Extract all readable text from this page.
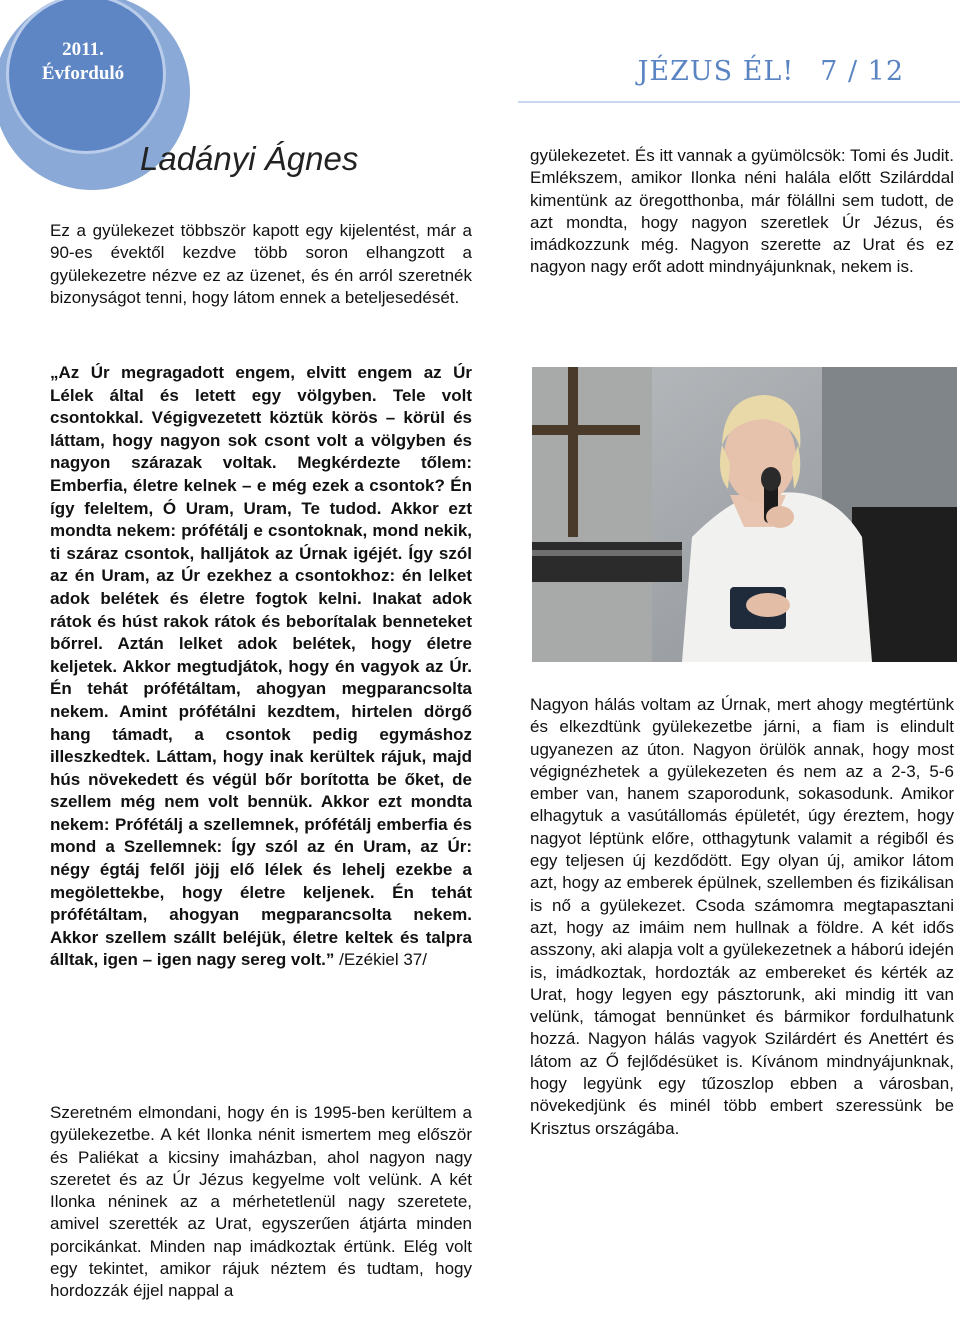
2011.
Évforduló	JÉZUS ÉL! 7 / 12
Ladányi Ágnes

Ez a gyülekezet többször kapott egy kijelentést, már a 90-es évektől kezdve több soron elhangzott a gyülekezetre nézve ez az üzenet, és én arról szeretnék bizonyságot tenni, hogy látom ennek a beteljesedését.

„Az Úr megragadott engem, elvitt engem az Úr Lélek által és letett egy völgyben. Tele volt csontokkal. Végigvezetett köztük körös – körül és láttam, hogy nagyon sok csont volt a völgyben és nagyon szárazak voltak. Megkérdezte tőlem: Emberfia, életre kelnek – e még ezek a csontok? Én így feleltem, Ó Uram, Uram, Te tudod. Akkor ezt mondta nekem: prófétálj e csontoknak, mond nekik, ti száraz csontok, halljátok az Úrnak igéjét. Így szól az én Uram, az Úr ezekhez a csontokhoz: én lelket adok belétek és életre fogtok kelni. Inakat adok rátok és húst rakok rátok és beborítalak benneteket bőrrel. Aztán lelket adok belétek, hogy életre keljetek. Akkor megtudjátok, hogy én vagyok az Úr. Én tehát prófétáltam, ahogyan megparancsolta nekem. Amint prófétálni kezdtem, hirtelen dörgő hang támadt, a csontok pedig egymáshoz illeszkedtek. Láttam, hogy inak kerültek rájuk, majd hús növekedett és végül bőr borította be őket, de szellem még nem volt bennük. Akkor ezt mondta nekem: Prófétálj a szellemnek, prófétálj emberfia és mond a Szellemnek: Így szól az én Uram, az Úr: négy égtáj felől jöjj elő lélek és lehelj ezekbe a megölettekbe, hogy életre keljenek. Én tehát prófétáltam, ahogyan megparancsolta nekem. Akkor szellem szállt beléjük, életre keltek és talpra álltak, igen – igen nagy sereg volt.” /Ezékiel 37/

Szeretném elmondani, hogy én is 1995-ben kerültem a gyülekezetbe. A két Ilonka nénit ismertem meg először és Paliékat a kicsiny imaházban, ahol nagyon nagy szeretet és az Úr Jézus kegyelme volt velünk. A két Ilonka néninek az a mérhetetlenül nagy szeretete, amivel szerették az Urat, egyszerűen átjárta minden porcikánkat. Minden nap imádkoztak értünk. Elég volt egy tekintet, amikor rájuk néztem és tudtam, hogy hordozzák éjjel nappal a

gyülekezetet. És itt vannak a gyümölcsök: Tomi és Judit. Emlékszem, amikor Ilonka néni halála előtt Szilárddal kimentünk az öregotthonba, már fölállni sem tudott, de azt mondta, hogy nagyon szeretlek Úr Jézus, és imádkozzunk még. Nagyon szerette az Urat és ez nagyon nagy erőt adott mindnyájunknak, nekem is.

Nagyon hálás voltam az Úrnak, mert ahogy megtértünk és elkezdtünk gyülekezetbe járni, a fiam is elindult ugyanezen az úton. Nagyon örülök annak, hogy most végignézhetek a gyülekezeten és nem az a 2-3, 5-6 ember van, hanem szaporodunk, sokasodunk. Amikor elhagytuk a vasútállomás épületét, úgy éreztem, hogy nagyot léptünk előre, otthagytunk valamit a régiből és egy teljesen új kezdődött. Egy olyan új, amikor látom azt, hogy az emberek épülnek, szellemben és fizikálisan is nő a gyülekezet. Csoda számomra megtapasztani azt, hogy az imáim nem hullnak a földre. A két idős asszony, aki alapja volt a gyülekezetnek a háború idején is, imádkoztak, hordozták az embereket és kérték az Urat, hogy legyen egy pásztorunk, aki mindig itt van velünk, támogat bennünket és bármikor fordulhatunk hozzá. Nagyon hálás vagyok Szilárdért és Anettért és látom az Ő fejlődésüket is. Kívánom mindnyájunknak, hogy legyünk egy tűzoszlop ebben a városban, növekedjünk és minél több embert szeressünk be Krisztus országába.
